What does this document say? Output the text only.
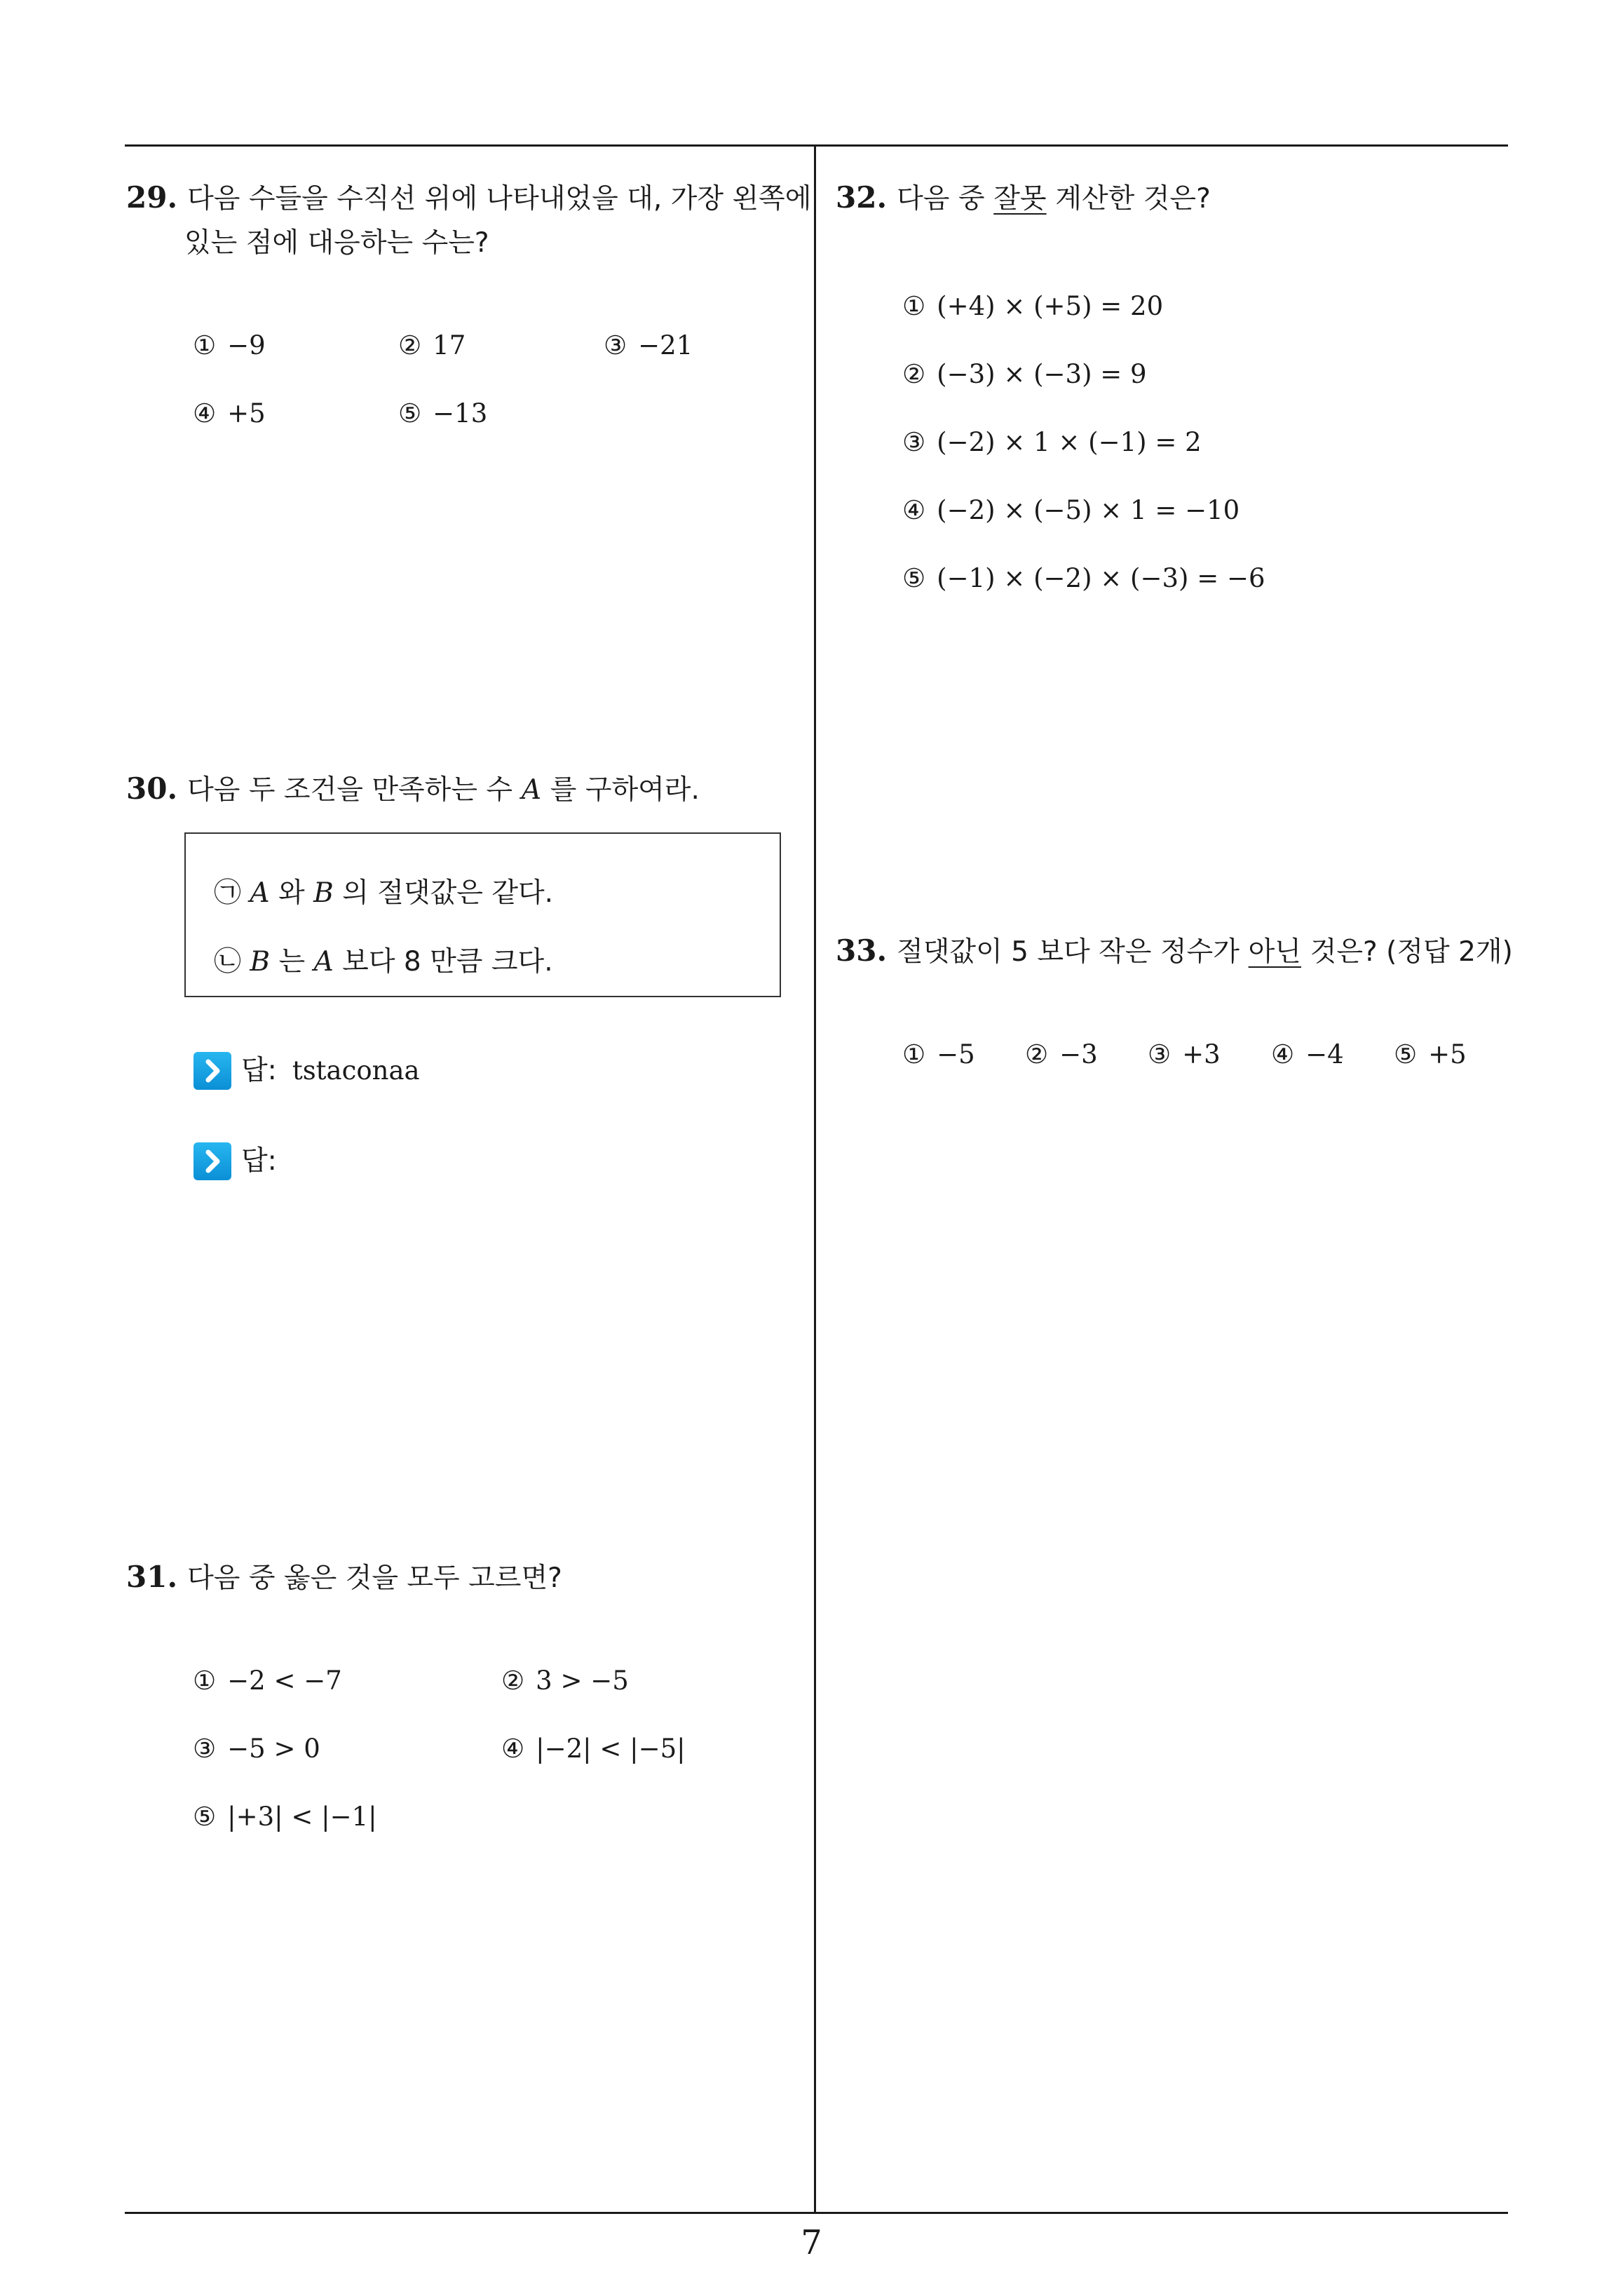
29. 다음 수들을 수직선 위에 나타내었을 대, 가장 왼쪽에
있는 점에 대응하는 수는?
① −9	② 17	③ −21
④ +5	⑤ −13
30. 다음 두 조건을 만족하는 수 A 를 구하여라.
㉠ A 와 B 의 절댓값은 같다.
㉡ B 는 A 보다 8 만큼 크다.
답: tstaconaa
답:
31. 다음 중 옳은 것을 모두 고르면?
① −2 < −7	② 3 > −5
③ −5 > 0	④ |−2| < |−5|
⑤ |+3| < |−1|
32. 다음 중 잘못 계산한 것은?
① (+4) × (+5) = 20
② (−3) × (−3) = 9
③ (−2) × 1 × (−1) = 2
④ (−2) × (−5) × 1 = −10
⑤ (−1) × (−2) × (−3) = −6
33. 절댓값이 5 보다 작은 정수가 아닌 것은? (정답 2개)
① −5 ② −3 ③ +3 ④ −4 ⑤ +5
7
